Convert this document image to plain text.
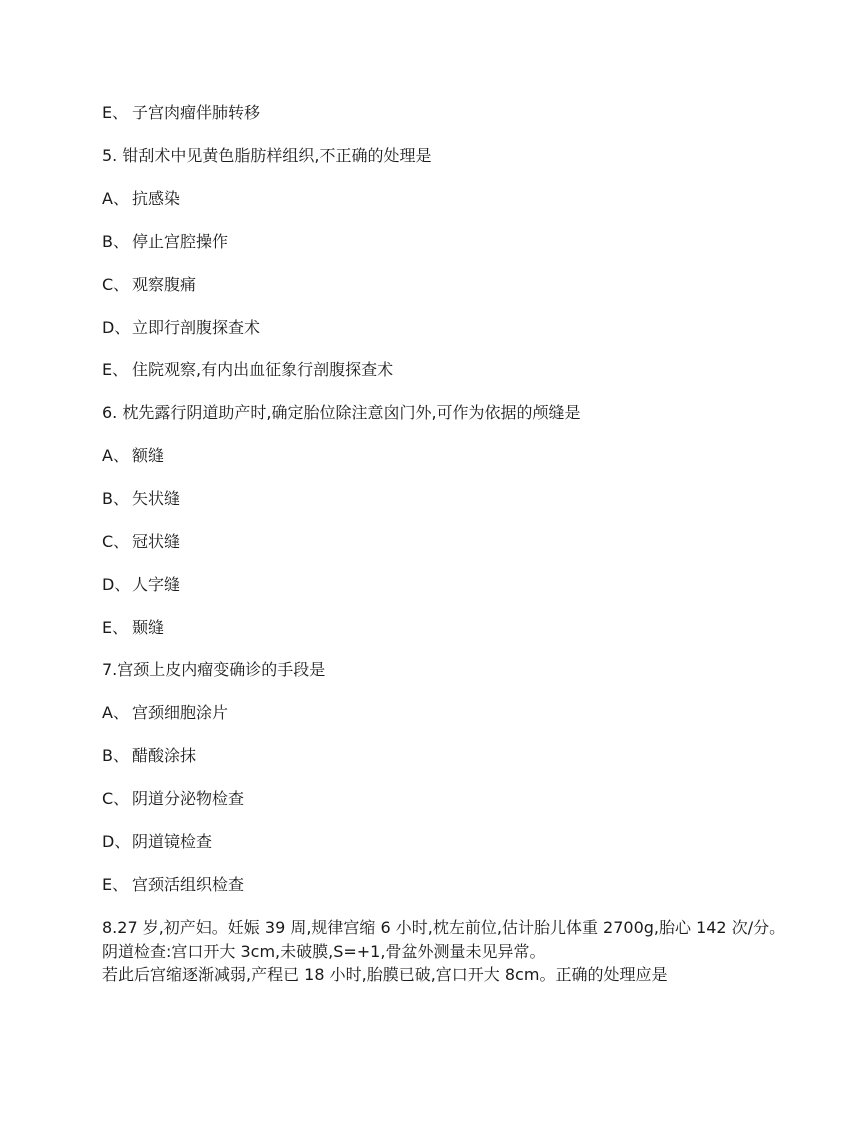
E、 子宫肉瘤伴肺转移
5. 钳刮术中见黄色脂肪样组织,不正确的处理是
A、 抗感染
B、 停止宫腔操作
C、 观察腹痛
D、 立即行剖腹探查术
E、 住院观察,有内出血征象行剖腹探查术
6. 枕先露行阴道助产时,确定胎位除注意囟门外,可作为依据的颅缝是
A、 额缝
B、 矢状缝
C、 冠状缝
D、 人字缝
E、 颞缝
7.宫颈上皮内瘤变确诊的手段是
A、 宫颈细胞涂片
B、 醋酸涂抹
C、 阴道分泌物检查
D、 阴道镜检查
E、 宫颈活组织检查
8.27 岁,初产妇。妊娠 39 周,规律宫缩 6 小时,枕左前位,估计胎儿体重 2700g,胎心 142 次/分。
阴道检查:宫口开大 3cm,未破膜,S=+1,骨盆外测量未见异常。
若此后宫缩逐渐减弱,产程已 18 小时,胎膜已破,宫口开大 8cm。正确的处理应是
